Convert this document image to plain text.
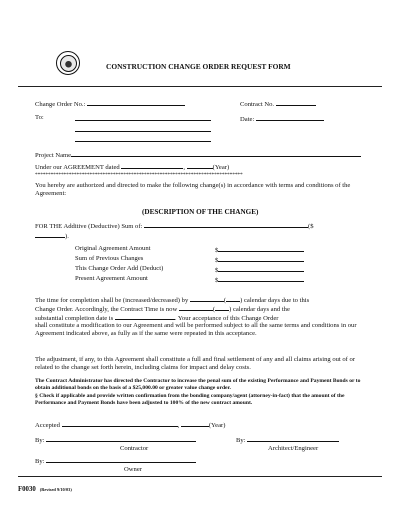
CONSTRUCTION CHANGE ORDER REQUEST FORM
Change Order No.:	Contract No.
To:	Date:
Project Name
Under our AGREEMENT dated	,	(Year)
********************************************************************************
You hereby are authorized and directed to make the following change(s) in accordance with terms and conditions of the Agreement:
(DESCRIPTION OF THE CHANGE)
FOR THE Additive (Deductive) Sum of:	($
).
Original Agreement Amount	$
Sum of Previous Changes	$
This Change Order Add (Deduct)	$
Present Agreement Amount	$
The time for completion shall be (increased/decreased) by	( ) calendar days due to this
Change Order. Accordingly, the Contract Time is now	( ) calendar days and the
substantial completion date is	. Your acceptance of this Change Order
shall constitute a modification to our Agreement and will be performed subject to all the same terms and conditions in our Agreement indicated above, as fully as if the same were repeated in this acceptance.
The adjustment, if any, to this Agreement shall constitute a full and final settlement of any and all claims arising out of or related to the change set forth herein, including claims for impact and delay costs.
The Contract Administrator has directed the Contractor to increase the penal sum of the existing Performance and Payment Bonds or to obtain additional bonds on the basis of a $25,000.00 or greater value change order.
§ Check if applicable and provide written confirmation from the bonding company/agent (attorney-in-fact) that the amount of the Performance and Payment Bonds have been adjusted to 100% of the new contract amount.
Accepted	,	(Year)
By:
Contractor
By:
Architect/Engineer
By:
Owner
F0030 (Revised 9/10/03)
